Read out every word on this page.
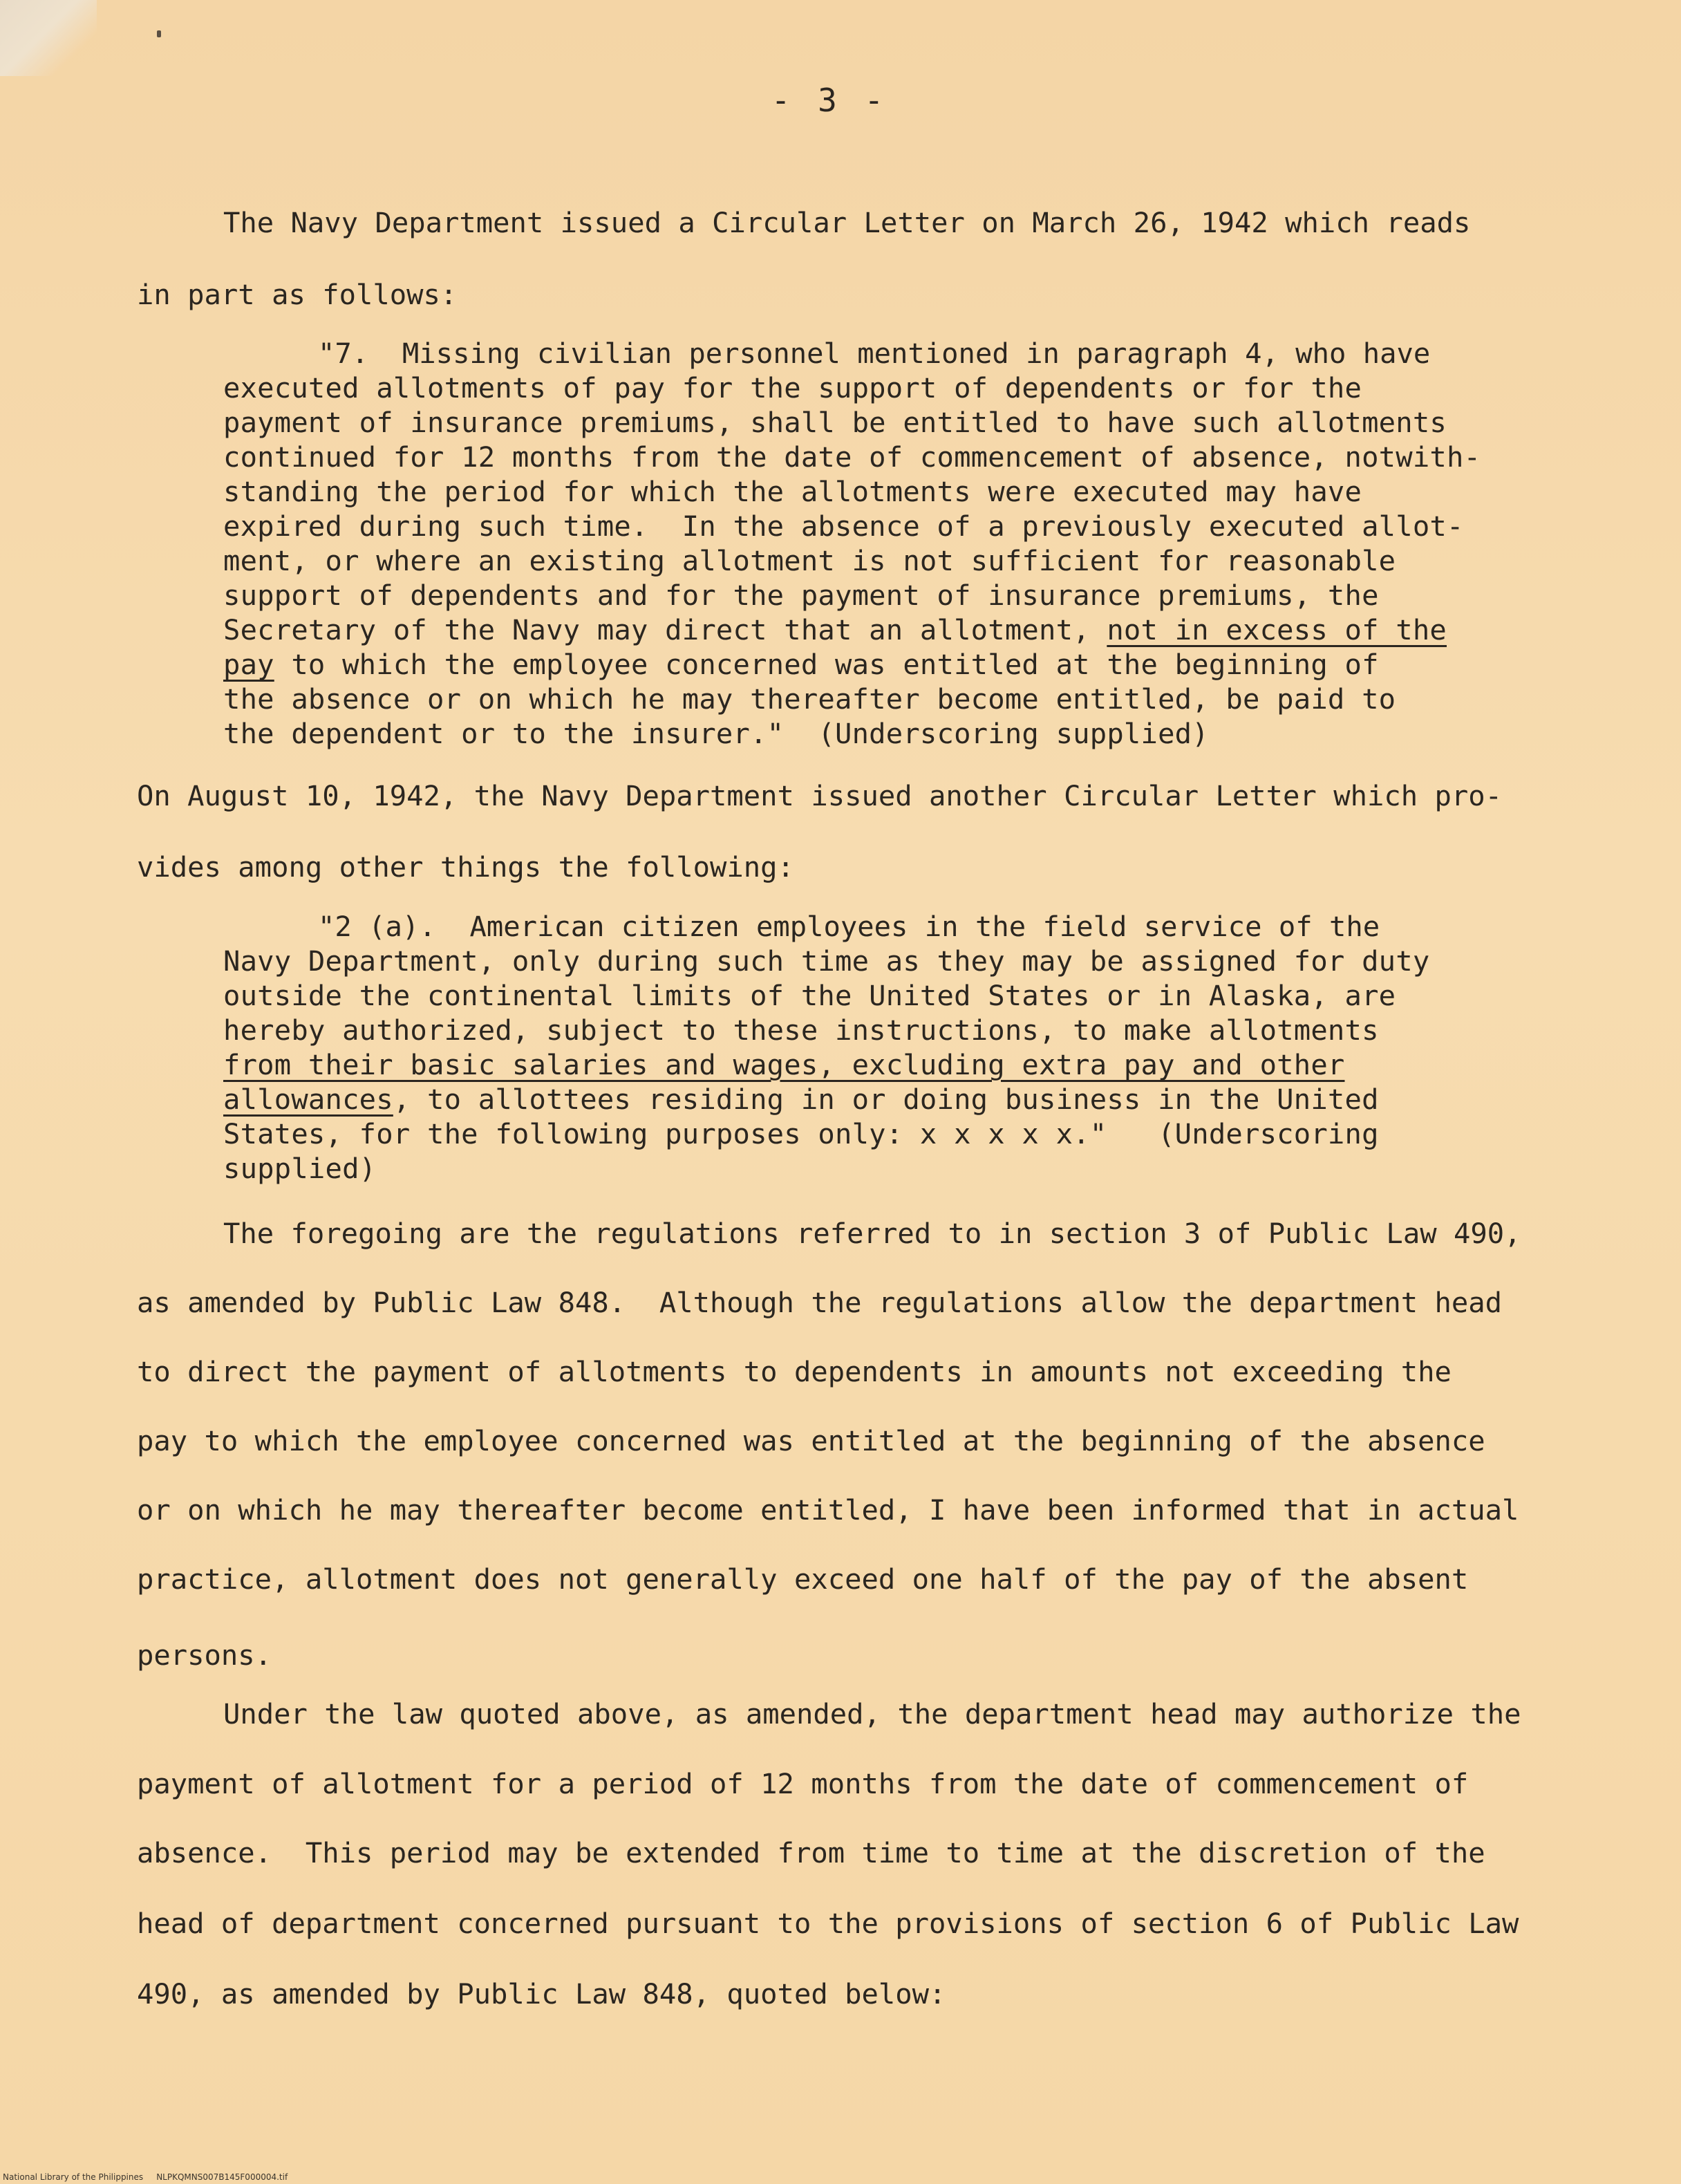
- 3 -
The Navy Department issued a Circular Letter on March 26, 1942 which reads
in part as follows:
"7.  Missing civilian personnel mentioned in paragraph 4, who have
executed allotments of pay for the support of dependents or for the
payment of insurance premiums, shall be entitled to have such allotments
continued for 12 months from the date of commencement of absence, notwith-
standing the period for which the allotments were executed may have
expired during such time.  In the absence of a previously executed allot-
ment, or where an existing allotment is not sufficient for reasonable
support of dependents and for the payment of insurance premiums, the
Secretary of the Navy may direct that an allotment, not in excess of the
pay to which the employee concerned was entitled at the beginning of
the absence or on which he may thereafter become entitled, be paid to
the dependent or to the insurer."  (Underscoring supplied)
On August 10, 1942, the Navy Department issued another Circular Letter which pro-
vides among other things the following:
"2 (a).  American citizen employees in the field service of the
Navy Department, only during such time as they may be assigned for duty
outside the continental limits of the United States or in Alaska, are
hereby authorized, subject to these instructions, to make allotments
from their basic salaries and wages, excluding extra pay and other
allowances, to allottees residing in or doing business in the United
States, for the following purposes only: x x x x x."   (Underscoring
supplied)
The foregoing are the regulations referred to in section 3 of Public Law 490,
as amended by Public Law 848.  Although the regulations allow the department head
to direct the payment of allotments to dependents in amounts not exceeding the
pay to which the employee concerned was entitled at the beginning of the absence
or on which he may thereafter become entitled, I have been informed that in actual
practice, allotment does not generally exceed one half of the pay of the absent
persons.
Under the law quoted above, as amended, the department head may authorize the
payment of allotment for a period of 12 months from the date of commencement of
absence.  This period may be extended from time to time at the discretion of the
head of department concerned pursuant to the provisions of section 6 of Public Law
490, as amended by Public Law 848, quoted below:
National Library of the Philippines     NLPKQMNS007B145F000004.tif
